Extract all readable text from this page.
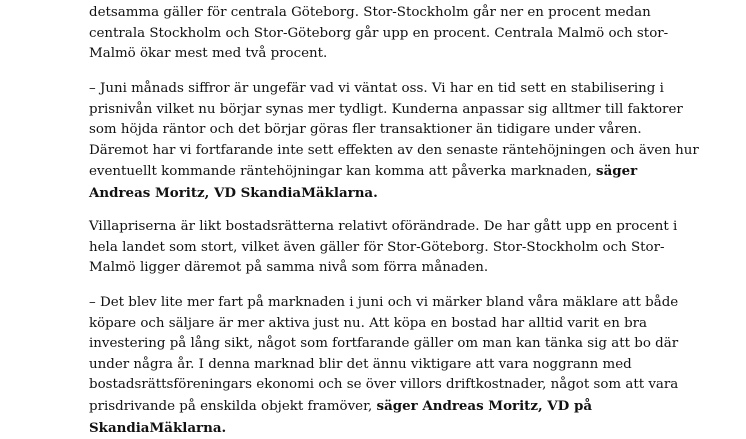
detsamma gäller för centrala Göteborg. Stor-Stockholm går ner en procent medan
centrala Stockholm och Stor-Göteborg går upp en procent. Centrala Malmö och stor-
Malmö ökar mest med två procent.
– Juni månads siffror är ungefär vad vi väntat oss. Vi har en tid sett en stabilisering i
prisnivån vilket nu börjar synas mer tydligt. Kunderna anpassar sig alltmer till faktorer
som höjda räntor och det börjar göras fler transaktioner än tidigare under våren.
Däremot har vi fortfarande inte sett effekten av den senaste räntehöjningen och även hur
eventuellt kommande räntehöjningar kan komma att påverka marknaden, säger
Andreas Moritz, VD SkandiaMäklarna.
Villapriserna är likt bostadsrätterna relativt oförändrade. De har gått upp en procent i
hela landet som stort, vilket även gäller för Stor-Göteborg. Stor-Stockholm och Stor-
Malmö ligger däremot på samma nivå som förra månaden.
– Det blev lite mer fart på marknaden i juni och vi märker bland våra mäklare att både
köpare och säljare är mer aktiva just nu. Att köpa en bostad har alltid varit en bra
investering på lång sikt, något som fortfarande gäller om man kan tänka sig att bo där
under några år. I denna marknad blir det ännu viktigare att vara noggrann med
bostadsrättsföreningars ekonomi och se över villors driftkostnader, något som att vara
prisdrivande på enskilda objekt framöver, säger Andreas Moritz, VD på
SkandiaMäklarna.
